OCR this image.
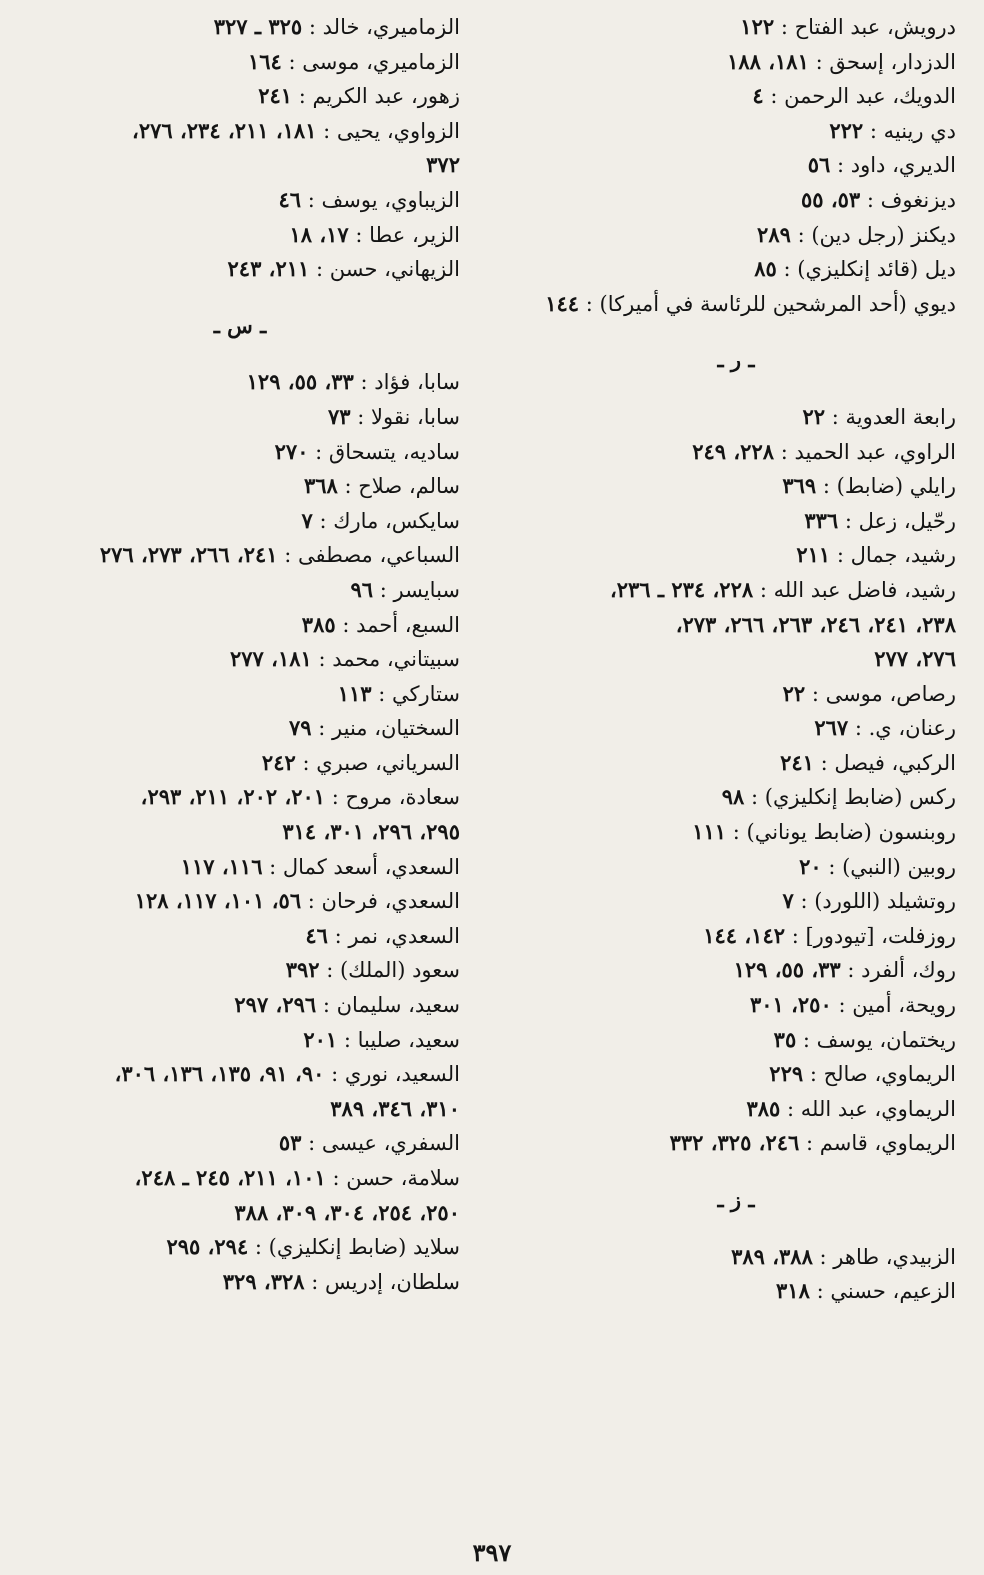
درويش، عبد الفتاح : ١٢٢
الدزدار، إسحق : ١٨١، ١٨٨
الدويك، عبد الرحمن : ٤
دي رينيه : ٢٢٢
الديري، داود : ٥٦
ديزنغوف : ٥٣، ٥٥
ديكنز (رجل دين) : ٢٨٩
ديل (قائد إنكليزي) : ٨٥
ديوي (أحد المرشحين للرئاسة في أميركا) : ١٤٤
ـ ر ـ
رابعة العدوية : ٢٢
الراوي، عبد الحميد : ٢٢٨، ٢٤٩
رايلي (ضابط) : ٣٦٩
رحّيل، زعل : ٣٣٦
رشيد، جمال : ٢١١
رشيد، فاضل عبد الله : ٢٢٨، ٢٣٤ ـ ٢٣٦،
٢٣٨، ٢٤١، ٢٤٦، ٢٦٣، ٢٦٦، ٢٧٣،
٢٧٦، ٢٧٧
رصاص، موسى : ٢٢
رعنان، ي. : ٢٦٧
الركبي، فيصل : ٢٤١
ركس (ضابط إنكليزي) : ٩٨
روبنسون (ضابط يوناني) : ١١١
روبين (النبي) : ٢٠
روتشيلد (اللورد) : ٧
روزفلت، [تيودور] : ١٤٢، ١٤٤
روك، ألفرد : ٣٣، ٥٥، ١٢٩
رويحة، أمين : ٢٥٠، ٣٠١
ريختمان، يوسف : ٣٥
الريماوي، صالح : ٢٢٩
الريماوي، عبد الله : ٣٨٥
الريماوي، قاسم : ٢٤٦، ٣٢٥، ٣٣٢
ـ ز ـ
الزبيدي، طاهر : ٣٨٨، ٣٨٩
الزعيم، حسني : ٣١٨
الزماميري، خالد : ٣٢٥ ـ ٣٢٧
الزماميري، موسى : ١٦٤
زهور، عبد الكريم : ٢٤١
الزواوي، يحيى : ١٨١، ٢١١، ٢٣٤، ٢٧٦،
٣٧٢
الزيباوي، يوسف : ٤٦
الزير، عطا : ١٧، ١٨
الزيهاني، حسن : ٢١١، ٢٤٣
ـ س ـ
سابا، فؤاد : ٣٣، ٥٥، ١٢٩
سابا، نقولا : ٧٣
ساديه، يتسحاق : ٢٧٠
سالم، صلاح : ٣٦٨
سايكس، مارك : ٧
السباعي، مصطفى : ٢٤١، ٢٦٦، ٢٧٣، ٢٧٦
سبايسر : ٩٦
السبع، أحمد : ٣٨٥
سبيتاني، محمد : ١٨١، ٢٧٧
ستاركي : ١١٣
السختيان، منير : ٧٩
السرياني، صبري : ٢٤٢
سعادة، مروح : ٢٠١، ٢٠٢، ٢١١، ٢٩٣،
٢٩٥، ٢٩٦، ٣٠١، ٣١٤
السعدي، أسعد كمال : ١١٦، ١١٧
السعدي، فرحان : ٥٦، ١٠١، ١١٧، ١٢٨
السعدي، نمر : ٤٦
سعود (الملك) : ٣٩٢
سعيد، سليمان : ٢٩٦، ٢٩٧
سعيد، صليبا : ٢٠١
السعيد، نوري : ٩٠، ٩١، ١٣٥، ١٣٦، ٣٠٦،
٣١٠، ٣٤٦، ٣٨٩
السفري، عيسى : ٥٣
سلامة، حسن : ١٠١، ٢١١، ٢٤٥ ـ ٢٤٨،
٢٥٠، ٢٥٤، ٣٠٤، ٣٠٩، ٣٨٨
سلايد (ضابط إنكليزي) : ٢٩٤، ٢٩٥
سلطان، إدريس : ٣٢٨، ٣٢٩
٣٩٧
